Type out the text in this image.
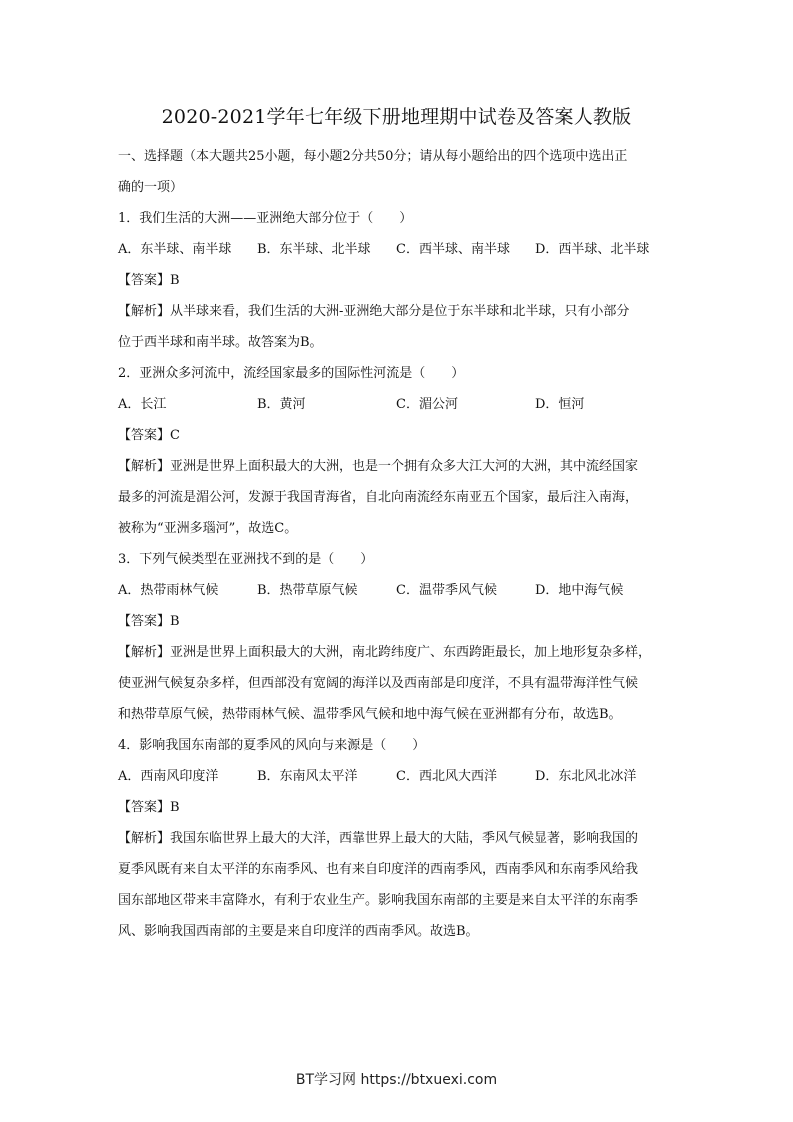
2020-2021学年七年级下册地理期中试卷及答案人教版
一、选择题（本大题共25小题，每小题2分共50分；请从每小题给出的四个选项中选出正
确的一项）
1．我们生活的大洲——亚洲绝大部分位于（　　）
A．东半球、南半球	B．东半球、北半球	C．西半球、南半球	D．西半球、北半球
【答案】B
【解析】从半球来看，我们生活的大洲-亚洲绝大部分是位于东半球和北半球，只有小部分
位于西半球和南半球。故答案为B。
2．亚洲众多河流中，流经国家最多的国际性河流是（　　）
A．长江	B．黄河	C．湄公河	D．恒河
【答案】C
【解析】亚洲是世界上面积最大的大洲，也是一个拥有众多大江大河的大洲，其中流经国家
最多的河流是湄公河，发源于我国青海省，自北向南流经东南亚五个国家，最后注入南海，
被称为“亚洲多瑙河”，故选C。
3．下列气候类型在亚洲找不到的是（　　）
A．热带雨林气候	B．热带草原气候	C．温带季风气候	D．地中海气候
【答案】B
【解析】亚洲是世界上面积最大的大洲，南北跨纬度广、东西跨距最长，加上地形复杂多样，
使亚洲气候复杂多样，但西部没有宽阔的海洋以及西南部是印度洋，不具有温带海洋性气候
和热带草原气候，热带雨林气候、温带季风气候和地中海气候在亚洲都有分布，故选B。
4．影响我国东南部的夏季风的风向与来源是（　　）
A．西南风印度洋	B．东南风太平洋	C．西北风大西洋	D．东北风北冰洋
【答案】B
【解析】我国东临世界上最大的大洋，西靠世界上最大的大陆，季风气候显著，影响我国的
夏季风既有来自太平洋的东南季风、也有来自印度洋的西南季风，西南季风和东南季风给我
国东部地区带来丰富降水，有利于农业生产。影响我国东南部的主要是来自太平洋的东南季
风、影响我国西南部的主要是来自印度洋的西南季风。故选B。
BT学习网 https://btxuexi.com
